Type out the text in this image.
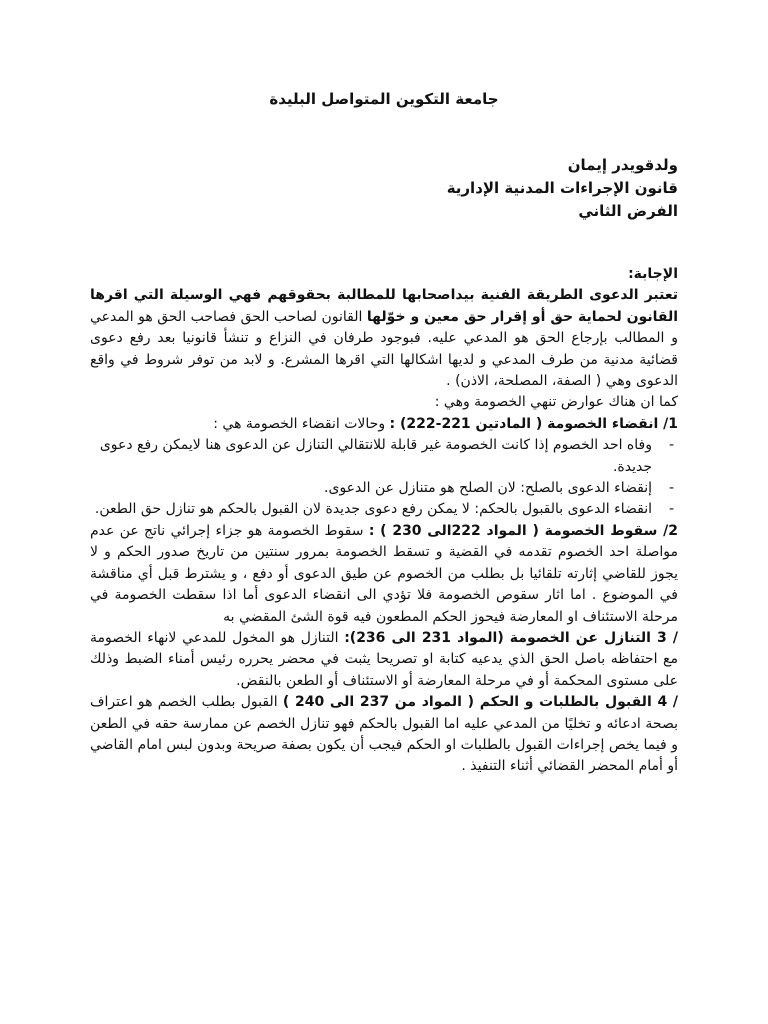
جامعة التكوين المتواصل البليدة
ولدقويدر إيمان
قانون الإجراءات المدنية الإدارية
الفرض الثاني

الإجابة:

تعتبر الدعوى الطريقة الفنية بيداصحابها للمطالبة بحقوقهم فهي الوسيلة التي اقرها القانون لحماية حق أو إقرار حق معين و خوّلها القانون لصاحب الحق فصاحب الحق هو المدعي و المطالب بإرجاع الحق هو المدعي عليه. فبوجود طرفان في النزاع و تنشأ قانونيا بعد رفع دعوى قضائية مدنية من طرف المدعي و لديها اشكالها التي اقرها المشرع. و لابد من توفر شروط في واقع الدعوى وهي ( الصفة، المصلحة، الاذن) .

كما ان هناك عوارض تنهي الخصومة وهي :

1/ انقضاء الخصومة ( المادتين 221-222) : وحالات انقضاء الخصومة هي :

- وفاه احد الخصوم إذا كانت الخصومة غير قابلة للانتقالي التنازل عن الدعوى هنا لايمكن رفع دعوى جديدة.
- إنقضاء الدعوى بالصلح: لان الصلح هو متنازل عن الدعوى.
- انقضاء الدعوى بالقبول بالحكم: لا يمكن رفع دعوى جديدة لان القبول بالحكم هو تنازل حق الطعن.

2/ سقوط الخصومة ( المواد 222الى 230 ) : سقوط الخصومة هو جزاء إجرائي ناتج عن عدم مواصلة احد الخصوم تقدمه في القضية و تسقط الخصومة بمرور سنتين من تاريخ صدور الحكم و لا يجوز للقاضي إثارته تلقائيا بل بطلب من الخصوم عن طيق الدعوى أو دفع ، و يشترط قبل أي مناقشة في الموضوع . اما اثار سقوص الخصومة فلا تؤدي الى انقضاء الدعوى أما اذا سقطت الخصومة في مرحلة الاستئناف او المعارضة فيحوز الحكم المطعون فيه قوة الشئ المقضي به

/ 3 التنازل عن الخصومة (المواد 231 الى 236): التنازل هو المخول للمدعي لانهاء الخصومة مع احتفاظه باصل الحق الذي يدعيه كتابة او تصريحا يثبت في محضر يحرره رئيس أمناء الضبط وذلك على مستوى المحكمة أو في مرحلة المعارضة أو الاستئناف أو الطعن بالنقض.

/ 4 القبول بالطلبات و الحكم ( المواد من 237 الى 240 ) القبول بطلب الخصم هو اعتراف بصحة ادعائه و تخليًا من المدعي عليه اما القبول بالحكم فهو تنازل الخصم عن ممارسة حقه في الطعن و فيما يخص إجراءات القبول بالطلبات او الحكم فيجب أن يكون بصفة صريحة وبدون لبس امام القاضي أو أمام المحضر القضائي أثناء التنفيذ .
